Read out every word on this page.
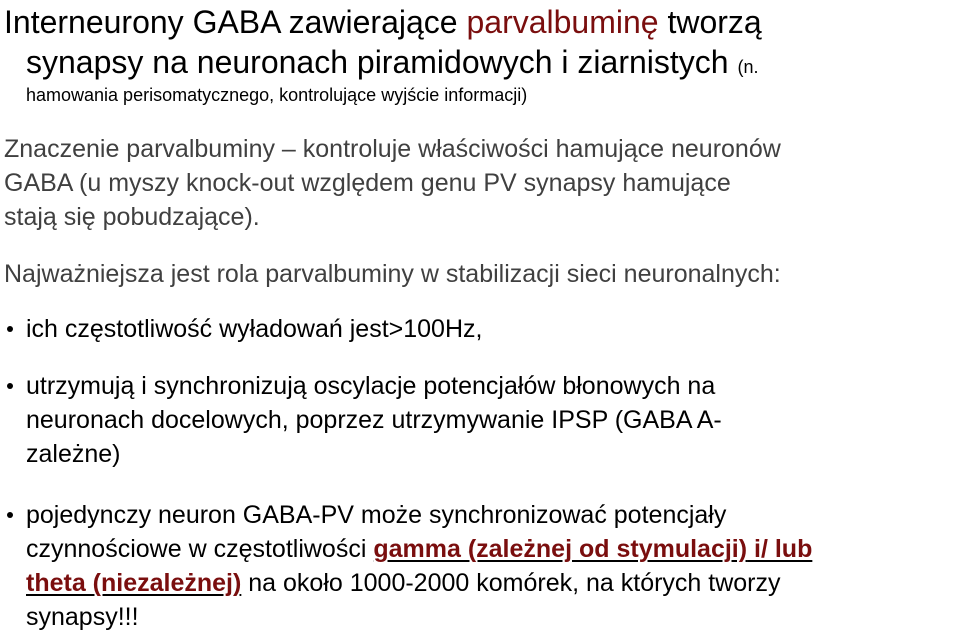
Interneurony GABA zawierające parvalbuminę tworzą
synapsy na neuronach piramidowych i ziarnistych (n.
hamowania perisomatycznego, kontrolujące wyjście informacji)
Znaczenie parvalbuminy – kontroluje właściwości hamujące neuronów
GABA (u myszy knock-out względem genu PV synapsy hamujące
stają się pobudzające).
Najważniejsza jest rola parvalbuminy w stabilizacji sieci neuronalnych:
ich częstotliwość wyładowań jest>100Hz,
utrzymują i synchronizują oscylacje potencjałów błonowych na
neuronach docelowych, poprzez utrzymywanie IPSP (GABA A-
zależne)
pojedynczy neuron GABA-PV może synchronizować potencjały
czynnościowe w częstotliwości gamma (zależnej od stymulacji) i/ lub
theta (niezależnej) na około 1000-2000 komórek, na których tworzy
synapsy!!!
